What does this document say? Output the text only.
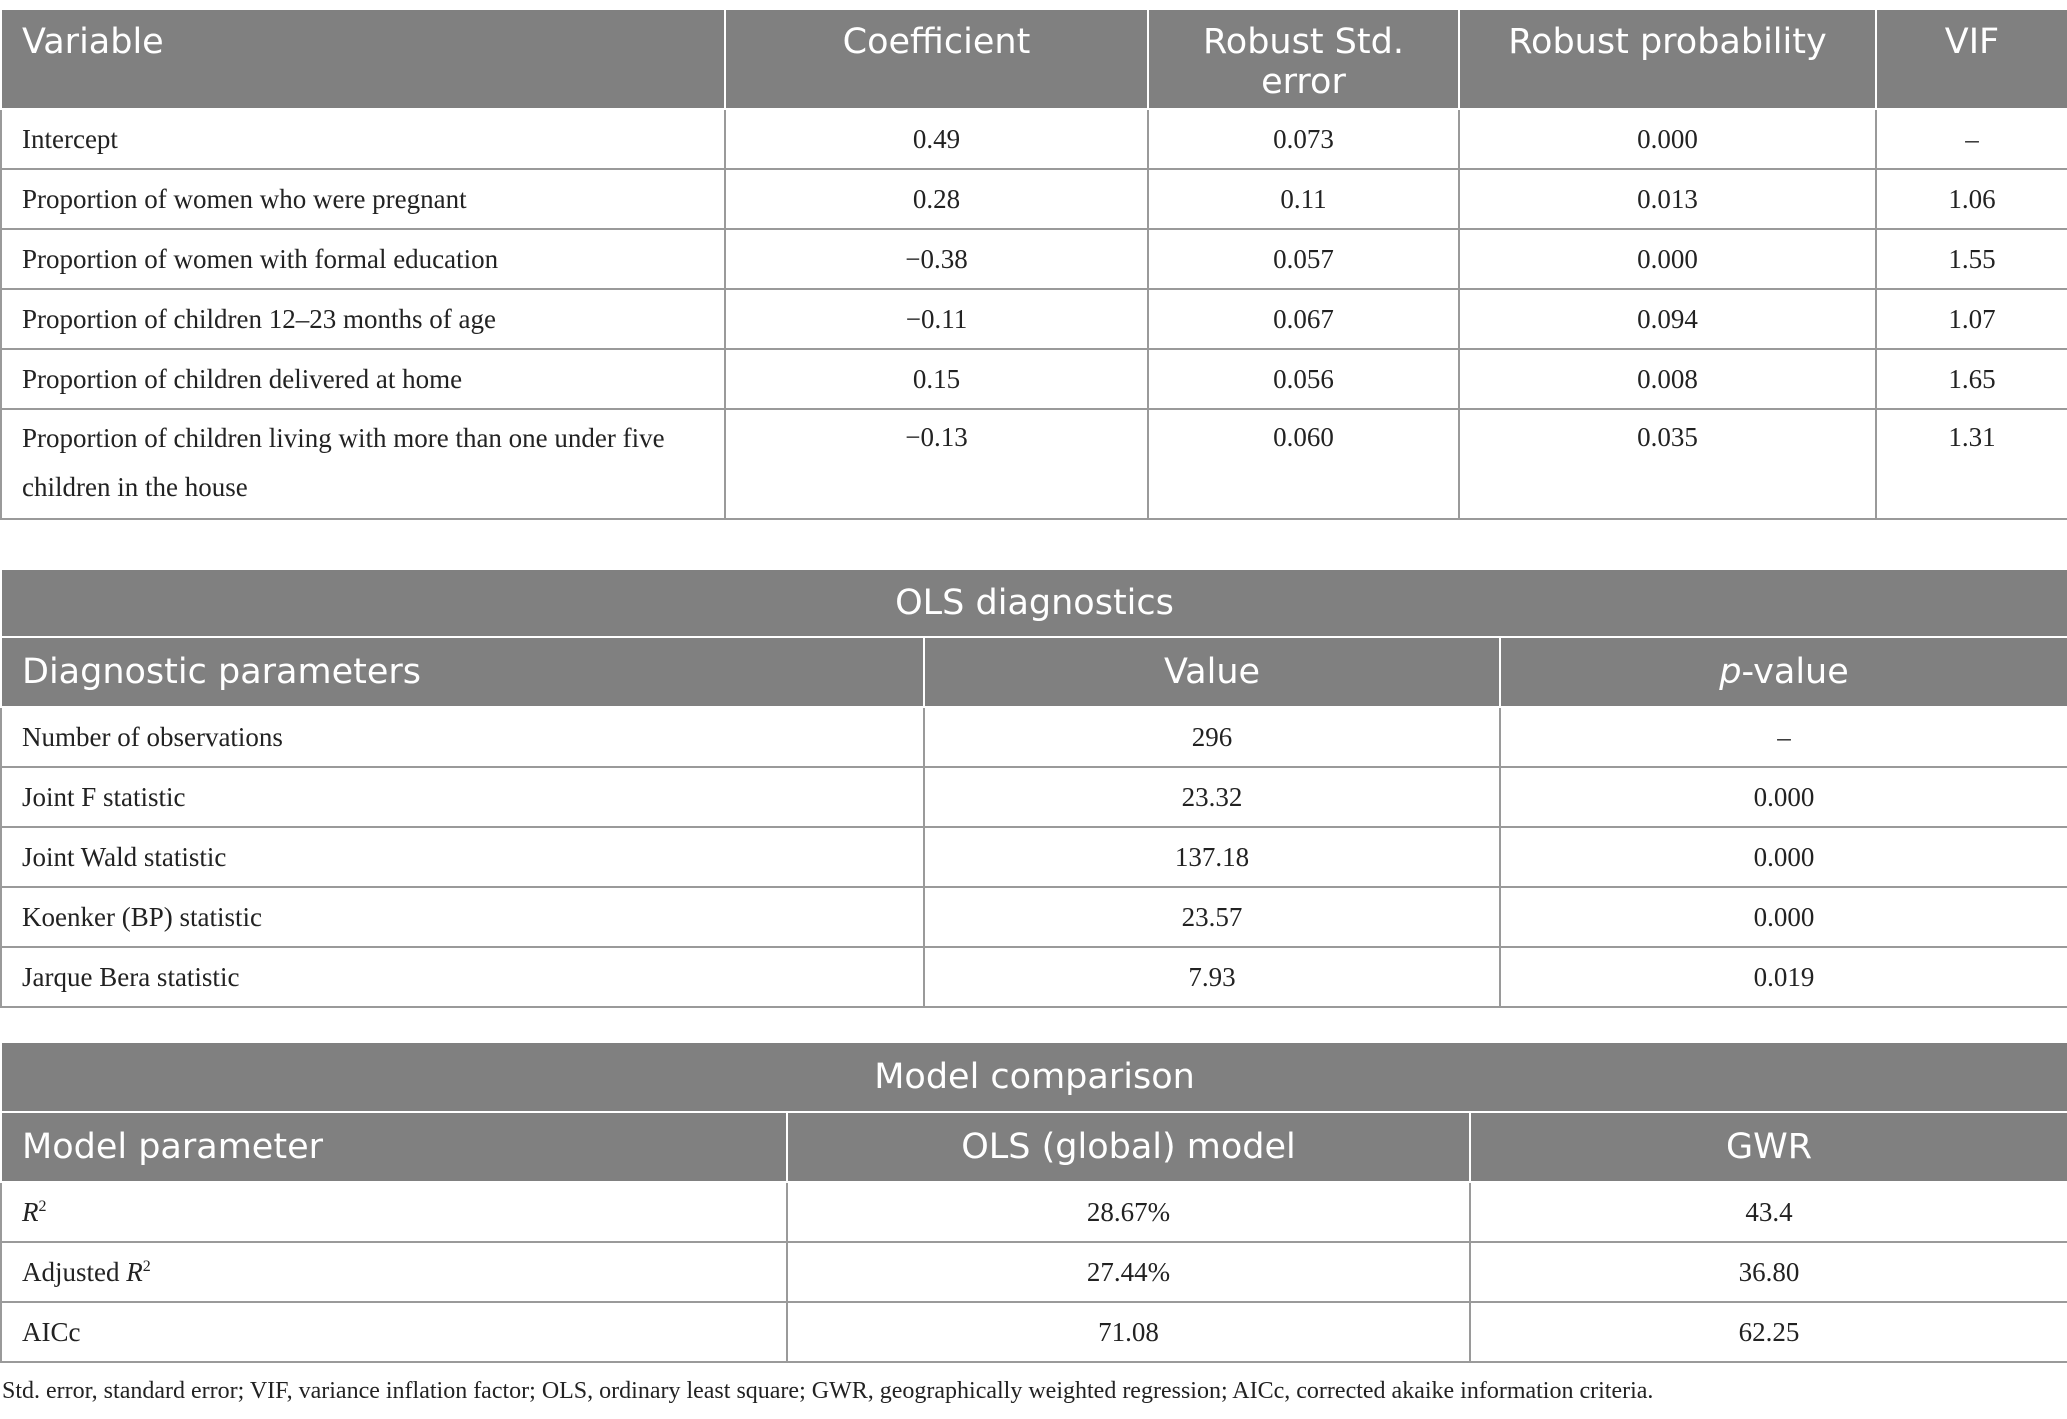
Variable	Coefficient	Robust Std. error	Robust probability	VIF
Intercept	0.49	0.073	0.000	–
Proportion of women who were pregnant	0.28	0.11	0.013	1.06
Proportion of women with formal education	−0.38	0.057	0.000	1.55
Proportion of children 12–23 months of age	−0.11	0.067	0.094	1.07
Proportion of children delivered at home	0.15	0.056	0.008	1.65
Proportion of children living with more than one under five children in the house	−0.13	0.060	0.035	1.31
OLS diagnostics		
Diagnostic parameters	Value	p-value
Number of observations	296	–
Joint F statistic	23.32	0.000
Joint Wald statistic	137.18	0.000
Koenker (BP) statistic	23.57	0.000
Jarque Bera statistic	7.93	0.019
Model comparison		
Model parameter	OLS (global) model	GWR
$R^2$	28.67%	43.4
Adjusted $R^2$	27.44%	36.80
AICc	71.08	62.25
Std. error, standard error; VIF, variance inflation factor; OLS, ordinary least square; GWR, geographically weighted regression; AICc, corrected akaike information criteria.
